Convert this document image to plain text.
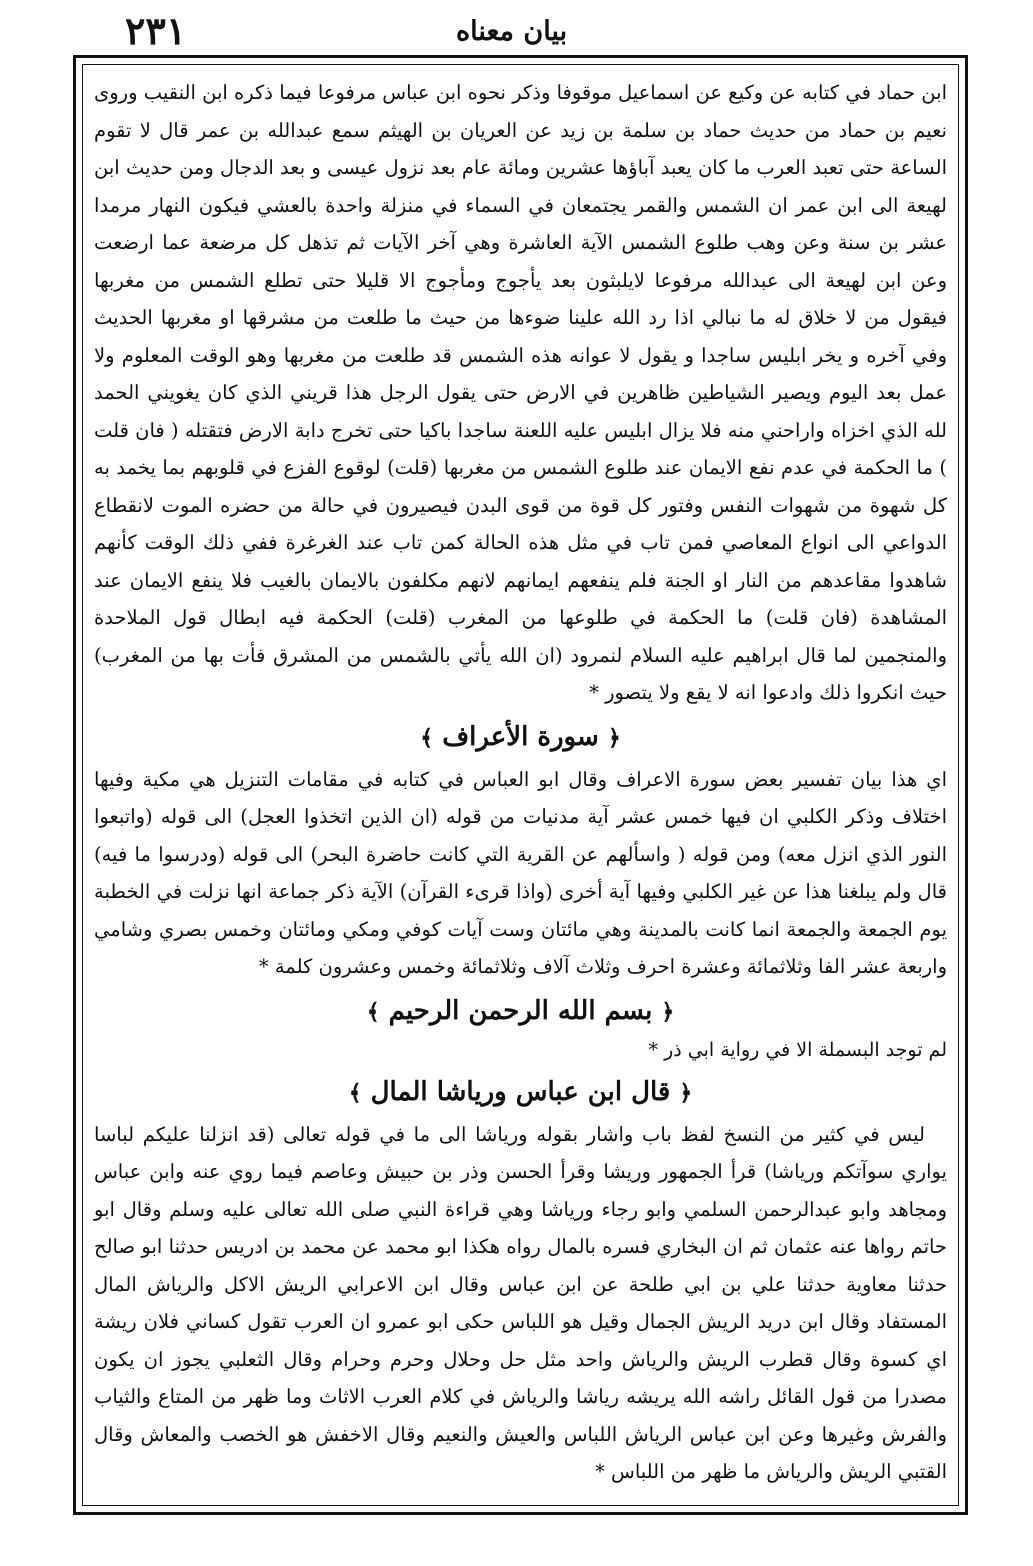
٢٣١	بيان معناه

ابن حماد في كتابه عن وكيع عن اسماعيل موقوفا وذكر نحوه ابن عباس مرفوعا فيما ذكره ابن النقيب وروى نعيم بن حماد من حديث حماد بن سلمة بن زيد عن العريان بن الهيثم سمع عبدالله بن عمر قال لا تقوم الساعة حتى تعبد العرب ما كان يعبد آباؤها عشرين ومائة عام بعد نزول عيسى و بعد الدجال ومن حديث ابن لهيعة الى ابن عمر ان الشمس والقمر يجتمعان في السماء في منزلة واحدة بالعشي فيكون النهار مرمدا عشر بن سنة وعن وهب طلوع الشمس الآية العاشرة وهي آخر الآيات ثم تذهل كل مرضعة عما ارضعت وعن ابن لهيعة الى عبدالله مرفوعا لايلبثون بعد يأجوج ومأجوج الا قليلا حتى تطلع الشمس من مغربها فيقول من لا خلاق له ما نبالي اذا رد الله علينا ضوءها من حيث ما طلعت من مشرقها او مغربها الحديث وفي آخره و يخر ابليس ساجدا و يقول لا عوانه هذه الشمس قد طلعت من مغربها وهو الوقت المعلوم ولا عمل بعد اليوم ويصير الشياطين ظاهرين في الارض حتى يقول الرجل هذا قريني الذي كان يغويني الحمد لله الذي اخزاه واراحني منه فلا يزال ابليس عليه اللعنة ساجدا باكيا حتى تخرج دابة الارض فتقتله ( فان قلت ) ما الحكمة في عدم نفع الايمان عند طلوع الشمس من مغربها (قلت) لوقوع الفزع في قلوبهم بما يخمد به كل شهوة من شهوات النفس وفتور كل قوة من قوى البدن فيصيرون في حالة من حضره الموت لانقطاع الدواعي الى انواع المعاصي فمن تاب في مثل هذه الحالة كمن تاب عند الغرغرة ففي ذلك الوقت كأنهم شاهدوا مقاعدهم من النار او الجنة فلم ينفعهم ايمانهم لانهم مكلفون بالايمان بالغيب فلا ينفع الايمان عند المشاهدة (فان قلت) ما الحكمة في طلوعها من المغرب (قلت) الحكمة فيه ابطال قول الملاحدة والمنجمين لما قال ابراهيم عليه السلام لنمرود (ان الله يأتي بالشمس من المشرق فأت بها من المغرب) حيث انكروا ذلك وادعوا انه لا يقع ولا يتصور *

﴿ سورة الأعراف ﴾

اي هذا بيان تفسير بعض سورة الاعراف وقال ابو العباس في كتابه في مقامات التنزيل هي مكية وفيها اختلاف وذكر الكلبي ان فيها خمس عشر آية مدنيات من قوله (ان الذين اتخذوا العجل) الى قوله (واتبعوا النور الذي انزل معه) ومن قوله ( واسألهم عن القرية التي كانت حاضرة البحر) الى قوله (ودرسوا ما فيه) قال ولم يبلغنا هذا عن غير الكلبي وفيها آية أخرى (واذا قرىء القرآن) الآية ذكر جماعة انها نزلت في الخطبة يوم الجمعة والجمعة انما كانت بالمدينة وهي مائتان وست آيات كوفي ومكي ومائتان وخمس بصري وشامي واربعة عشر الفا وثلاثمائة وعشرة احرف وثلاث آلاف وثلاثمائة وخمس وعشرون كلمة *

﴿ بسم الله الرحمن الرحيم ﴾

لم توجد البسملة الا في رواية ابي ذر *

﴿ قال ابن عباس ورياشا المال ﴾

ليس في كثير من النسخ لفظ باب واشار بقوله ورياشا الى ما في قوله تعالى (قد انزلنا عليكم لباسا يواري سوآتكم ورياشا) قرأ الجمهور وريشا وقرأ الحسن وذر بن حبيش وعاصم فيما روي عنه وابن عباس ومجاهد وابو عبدالرحمن السلمي وابو رجاء ورياشا وهي قراءة النبي صلى الله تعالى عليه وسلم وقال ابو حاتم رواها عنه عثمان ثم ان البخاري فسره بالمال رواه هكذا ابو محمد عن محمد بن ادريس حدثنا ابو صالح حدثنا معاوية حدثنا علي بن ابي طلحة عن ابن عباس وقال ابن الاعرابي الريش الاكل والرياش المال المستفاد وقال ابن دريد الريش الجمال وقيل هو اللباس حكى ابو عمرو ان العرب تقول كساني فلان ريشة اي كسوة وقال قطرب الريش والرياش واحد مثل حل وحلال وحرم وحرام وقال الثعلبي يجوز ان يكون مصدرا من قول القائل راشه الله يريشه رياشا والرياش في كلام العرب الاثاث وما ظهر من المتاع والثياب والفرش وغيرها وعن ابن عباس الرياش اللباس والعيش والنعيم وقال الاخفش هو الخصب والمعاش وقال القتبي الريش والرياش ما ظهر من اللباس *
